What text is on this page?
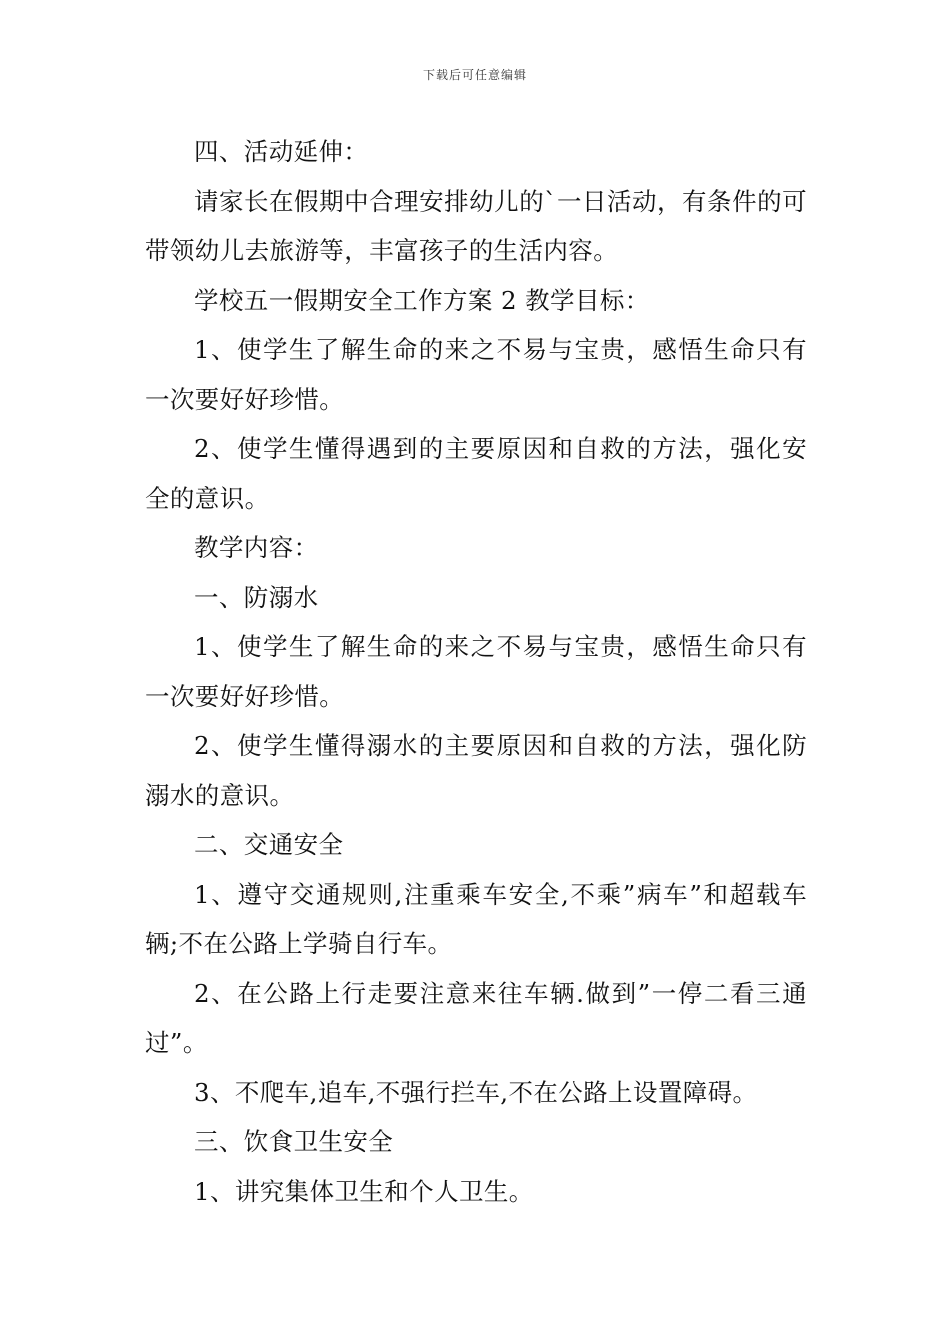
下载后可任意编辑

四、活动延伸：

请家长在假期中合理安排幼儿的`一日活动，有条件的可带领幼儿去旅游等，丰富孩子的生活内容。

学校五一假期安全工作方案 2 教学目标：

1、使学生了解生命的来之不易与宝贵，感悟生命只有一次要好好珍惜。

2、使学生懂得遇到的主要原因和自救的方法，强化安全的意识。

教学内容：

一、防溺水

1、使学生了解生命的来之不易与宝贵，感悟生命只有一次要好好珍惜。

2、使学生懂得溺水的主要原因和自救的方法，强化防溺水的意识。

二、交通安全

1、遵守交通规则,注重乘车安全,不乘”病车”和超载车辆;不在公路上学骑自行车。

2、在公路上行走要注意来往车辆.做到”一停二看三通过”。

3、不爬车,追车,不强行拦车,不在公路上设置障碍。

三、饮食卫生安全

1、讲究集体卫生和个人卫生。
